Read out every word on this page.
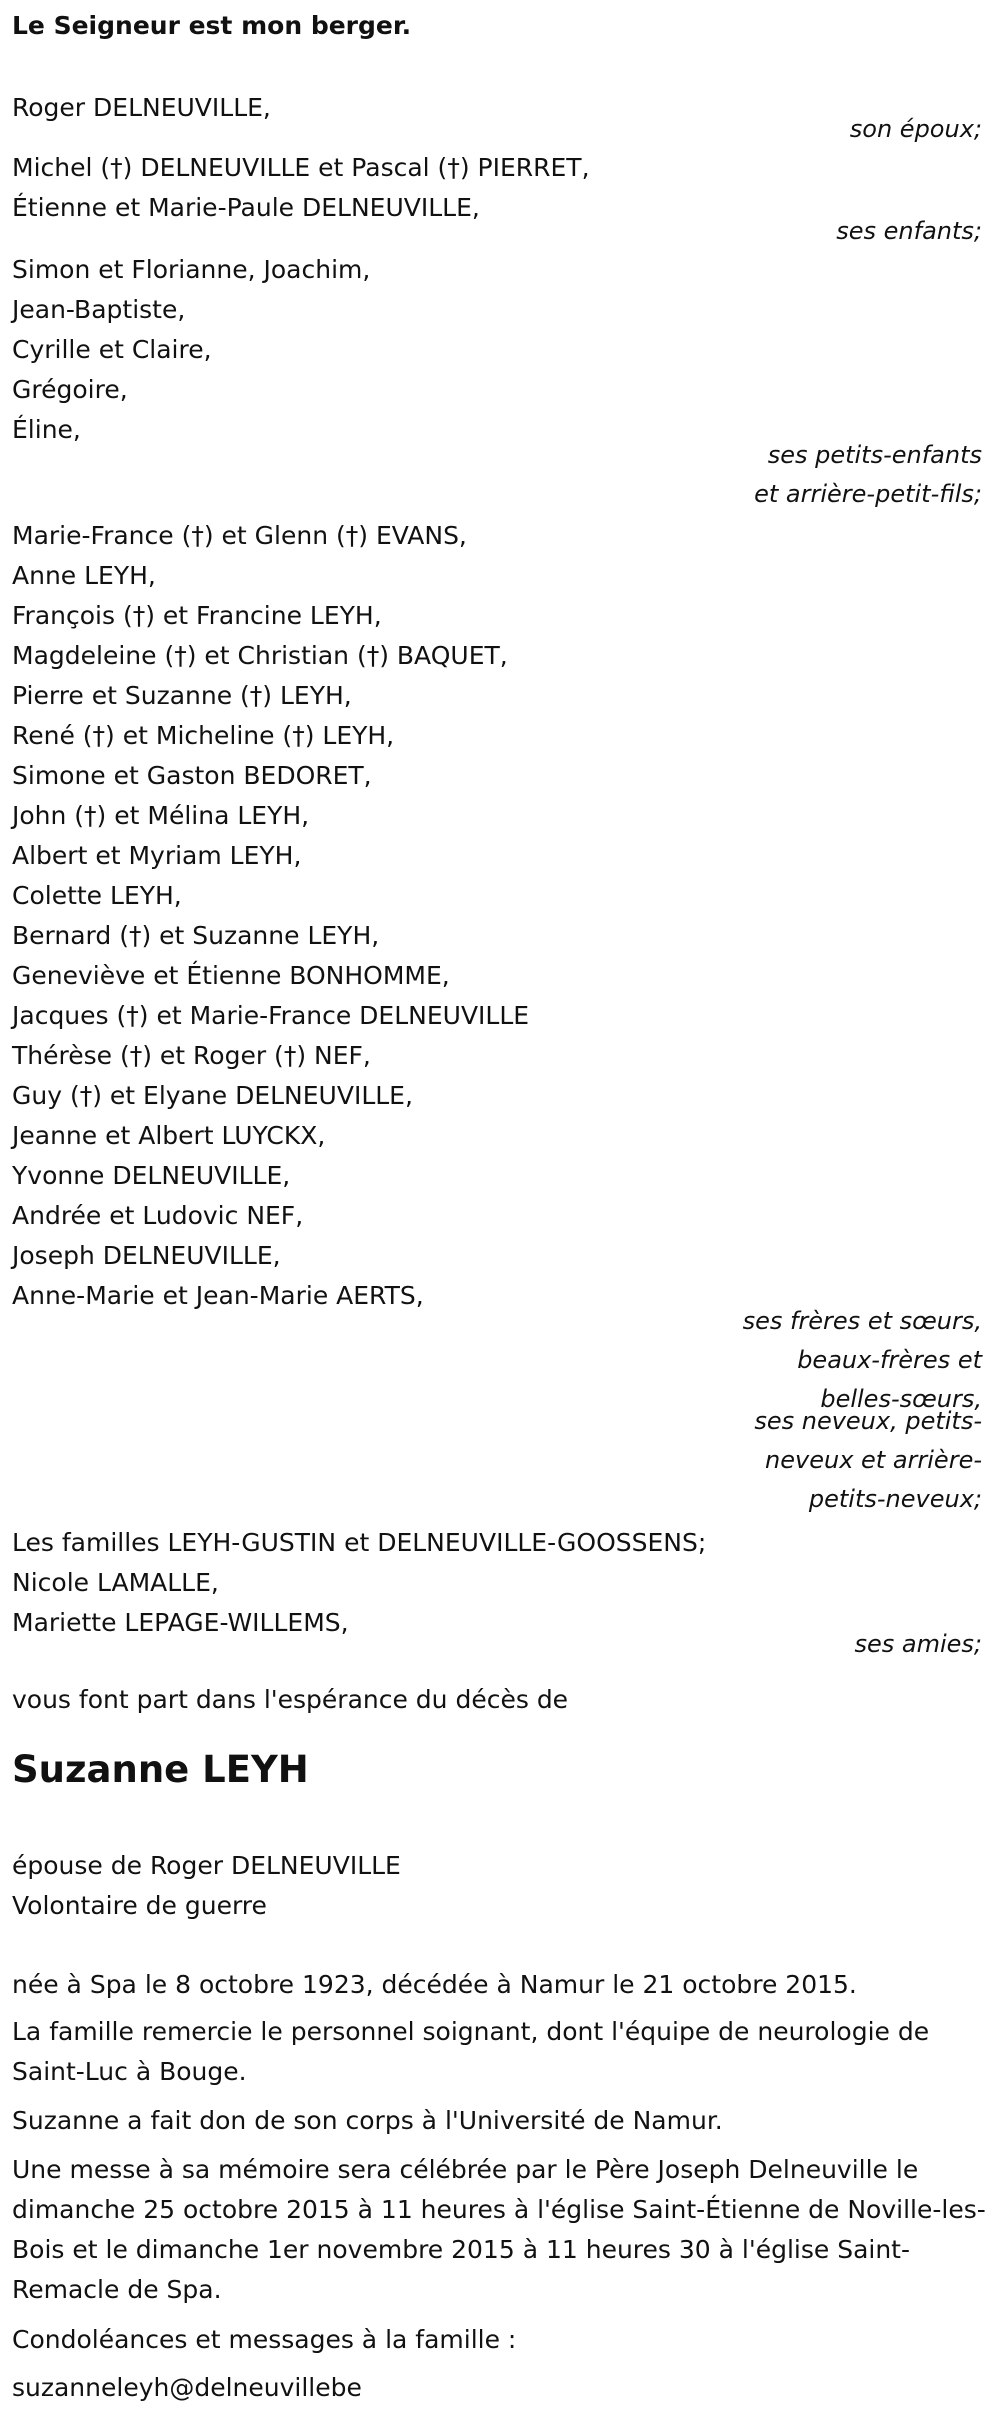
Le Seigneur est mon berger.

Roger DELNEUVILLE,
son époux;
Michel (†) DELNEUVILLE et Pascal (†) PIERRET,
Étienne et Marie-Paule DELNEUVILLE,
ses enfants;
Simon et Florianne, Joachim,
Jean-Baptiste,
Cyrille et Claire,
Grégoire,
Éline,
ses petits-enfants
et arrière-petit-fils;
Marie-France (†) et Glenn (†) EVANS,
Anne LEYH,
François (†) et Francine LEYH,
Magdeleine (†) et Christian (†) BAQUET,
Pierre et Suzanne (†) LEYH,
René (†) et Micheline (†) LEYH,
Simone et Gaston BEDORET,
John (†) et Mélina LEYH,
Albert et Myriam LEYH,
Colette LEYH,
Bernard (†) et Suzanne LEYH,
Geneviève et Étienne BONHOMME,
Jacques (†) et Marie-France DELNEUVILLE
Thérèse (†) et Roger (†) NEF,
Guy (†) et Elyane DELNEUVILLE,
Jeanne et Albert LUYCKX,
Yvonne DELNEUVILLE,
Andrée et Ludovic NEF,
Joseph DELNEUVILLE,
Anne-Marie et Jean-Marie AERTS,
ses frères et sœurs,
beaux-frères et
belles-sœurs,
ses neveux, petits-
neveux et arrière-
petits-neveux;
Les familles LEYH-GUSTIN et DELNEUVILLE-GOOSSENS;
Nicole LAMALLE,
Mariette LEPAGE-WILLEMS,
ses amies;

vous font part dans l'espérance du décès de

Suzanne LEYH

épouse de Roger DELNEUVILLE
Volontaire de guerre

née à Spa le 8 octobre 1923, décédée à Namur le 21 octobre 2015.

La famille remercie le personnel soignant, dont l'équipe de neurologie de Saint-Luc à Bouge.

Suzanne a fait don de son corps à l'Université de Namur.

Une messe à sa mémoire sera célébrée par le Père Joseph Delneuville le dimanche 25 octobre 2015 à 11 heures à l'église Saint-Étienne de Noville-les-Bois et le dimanche 1er novembre 2015 à 11 heures 30 à l'église Saint-Remacle de Spa.

Condoléances et messages à la famille :

suzanneleyh@delneuvillebe
